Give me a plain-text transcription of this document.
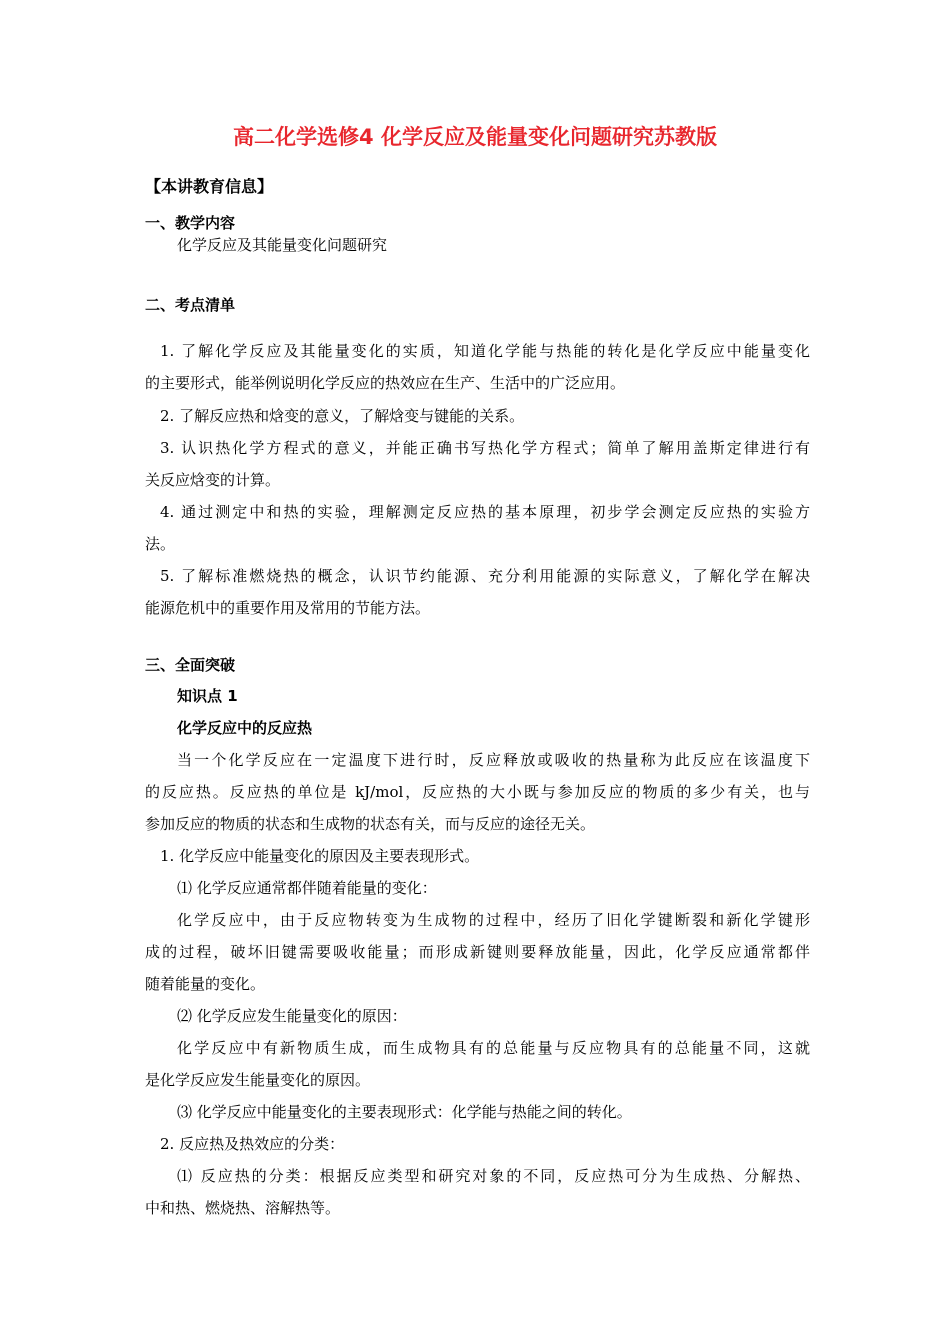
高二化学选修4 化学反应及能量变化问题研究苏教版
【本讲教育信息】
一、教学内容
化学反应及其能量变化问题研究
二、考点清单
1. 了解化学反应及其能量变化的实质，知道化学能与热能的转化是化学反应中能量变化
的主要形式，能举例说明化学反应的热效应在生产、生活中的广泛应用。
2. 了解反应热和焓变的意义，了解焓变与键能的关系。
3. 认识热化学方程式的意义，并能正确书写热化学方程式；简单了解用盖斯定律进行有
关反应焓变的计算。
4. 通过测定中和热的实验，理解测定反应热的基本原理，初步学会测定反应热的实验方
法。
5. 了解标准燃烧热的概念，认识节约能源、充分利用能源的实际意义，了解化学在解决
能源危机中的重要作用及常用的节能方法。
三、全面突破
知识点 1
化学反应中的反应热
当一个化学反应在一定温度下进行时，反应释放或吸收的热量称为此反应在该温度下
的反应热。反应热的单位是 kJ/mol，反应热的大小既与参加反应的物质的多少有关，也与
参加反应的物质的状态和生成物的状态有关，而与反应的途径无关。
1. 化学反应中能量变化的原因及主要表现形式。
⑴ 化学反应通常都伴随着能量的变化：
化学反应中，由于反应物转变为生成物的过程中，经历了旧化学键断裂和新化学键形
成的过程，破坏旧键需要吸收能量；而形成新键则要释放能量，因此，化学反应通常都伴
随着能量的变化。
⑵ 化学反应发生能量变化的原因：
化学反应中有新物质生成，而生成物具有的总能量与反应物具有的总能量不同，这就
是化学反应发生能量变化的原因。
⑶ 化学反应中能量变化的主要表现形式：化学能与热能之间的转化。
2. 反应热及热效应的分类：
⑴ 反应热的分类：根据反应类型和研究对象的不同，反应热可分为生成热、分解热、
中和热、燃烧热、溶解热等。
